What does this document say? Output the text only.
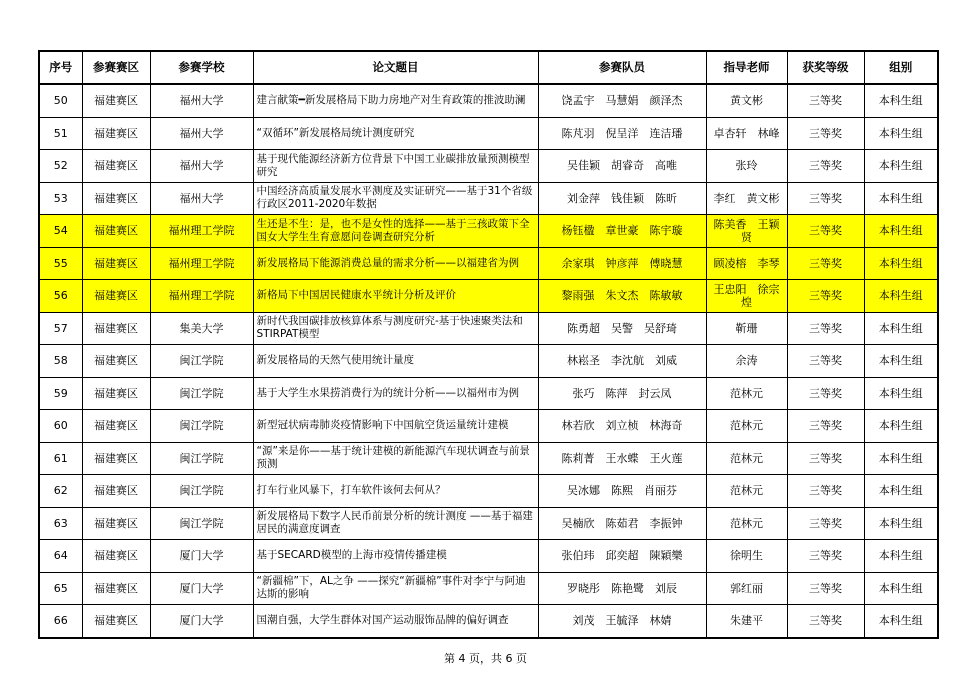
序号	参赛赛区	参赛学校	论文题目	参赛队员	指导老师	获奖等级	组别
50	福建赛区	福州大学	建言献策━新发展格局下助力房地产对生育政策的推波助澜	饶孟宇　马慧娟　颜泽杰	黄文彬	三等奖	本科生组
51	福建赛区	福州大学	“双循环”新发展格局统计测度研究	陈芃羽　倪呈洋　连洁璠	卓杏轩　林峰	三等奖	本科生组
52	福建赛区	福州大学	基于现代能源经济新方位背景下中国工业碳排放量预测模型研究	吴佳颖　胡睿奇　高唯	张玲	三等奖	本科生组
53	福建赛区	福州大学	中国经济高质量发展水平测度及实证研究——基于31个省级行政区2011-2020年数据	刘金萍　钱佳颖　陈昕	李红　黄文彬	三等奖	本科生组
54	福建赛区	福州理工学院	生还是不生：是，也不是女性的选择——基于三孩政策下全国女大学生生育意愿问卷调查研究分析	杨钰楹　章世豪　陈宇璇	陈美香　王颖贤	三等奖	本科生组
55	福建赛区	福州理工学院	新发展格局下能源消费总量的需求分析——以福建省为例	余家琪　钟彦萍　傅晓慧	顾凌榕　李琴	三等奖	本科生组
56	福建赛区	福州理工学院	新格局下中国居民健康水平统计分析及评价	黎雨强　朱文杰　陈敏敏	王忠阳　徐宗煌	三等奖	本科生组
57	福建赛区	集美大学	新时代我国碳排放核算体系与测度研究-基于快速聚类法和STIRPAT模型	陈勇超　吴警　吴舒琦	靳珊	三等奖	本科生组
58	福建赛区	闽江学院	新发展格局的天然气使用统计量度	林崧圣　李沈航　刘威	余涛	三等奖	本科生组
59	福建赛区	闽江学院	基于大学生水果捞消费行为的统计分析——以福州市为例	张巧　陈萍　封云凤	范林元	三等奖	本科生组
60	福建赛区	闽江学院	新型冠状病毒肺炎疫情影响下中国航空货运量统计建模	林若欣　刘立桢　林海奇	范林元	三等奖	本科生组
61	福建赛区	闽江学院	“源”来是你——基于统计建模的新能源汽车现状调查与前景预测	陈莉菁　王水蝶　王火莲	范林元	三等奖	本科生组
62	福建赛区	闽江学院	打车行业风暴下，打车软件该何去何从？	吴冰娜　陈熙　肖丽芬	范林元	三等奖	本科生组
63	福建赛区	闽江学院	新发展格局下数字人民币前景分析的统计测度 ——基于福建居民的满意度调查	吴楠欣　陈茹君　李振钟	范林元	三等奖	本科生组
64	福建赛区	厦门大学	基于SECARD模型的上海市疫情传播建模	张伯玮　邱奕超　陳穎樂	徐明生	三等奖	本科生组
65	福建赛区	厦门大学	“新疆棉”下，AL之争 ——探究“新疆棉”事件对李宁与阿迪达斯的影响	罗晓彤　陈艳鹭　刘辰	郭红丽	三等奖	本科生组
66	福建赛区	厦门大学	国潮自强，大学生群体对国产运动服饰品牌的偏好调查	刘茂　王毓泽　林婧	朱建平	三等奖	本科生组
第 4 页，共 6 页
